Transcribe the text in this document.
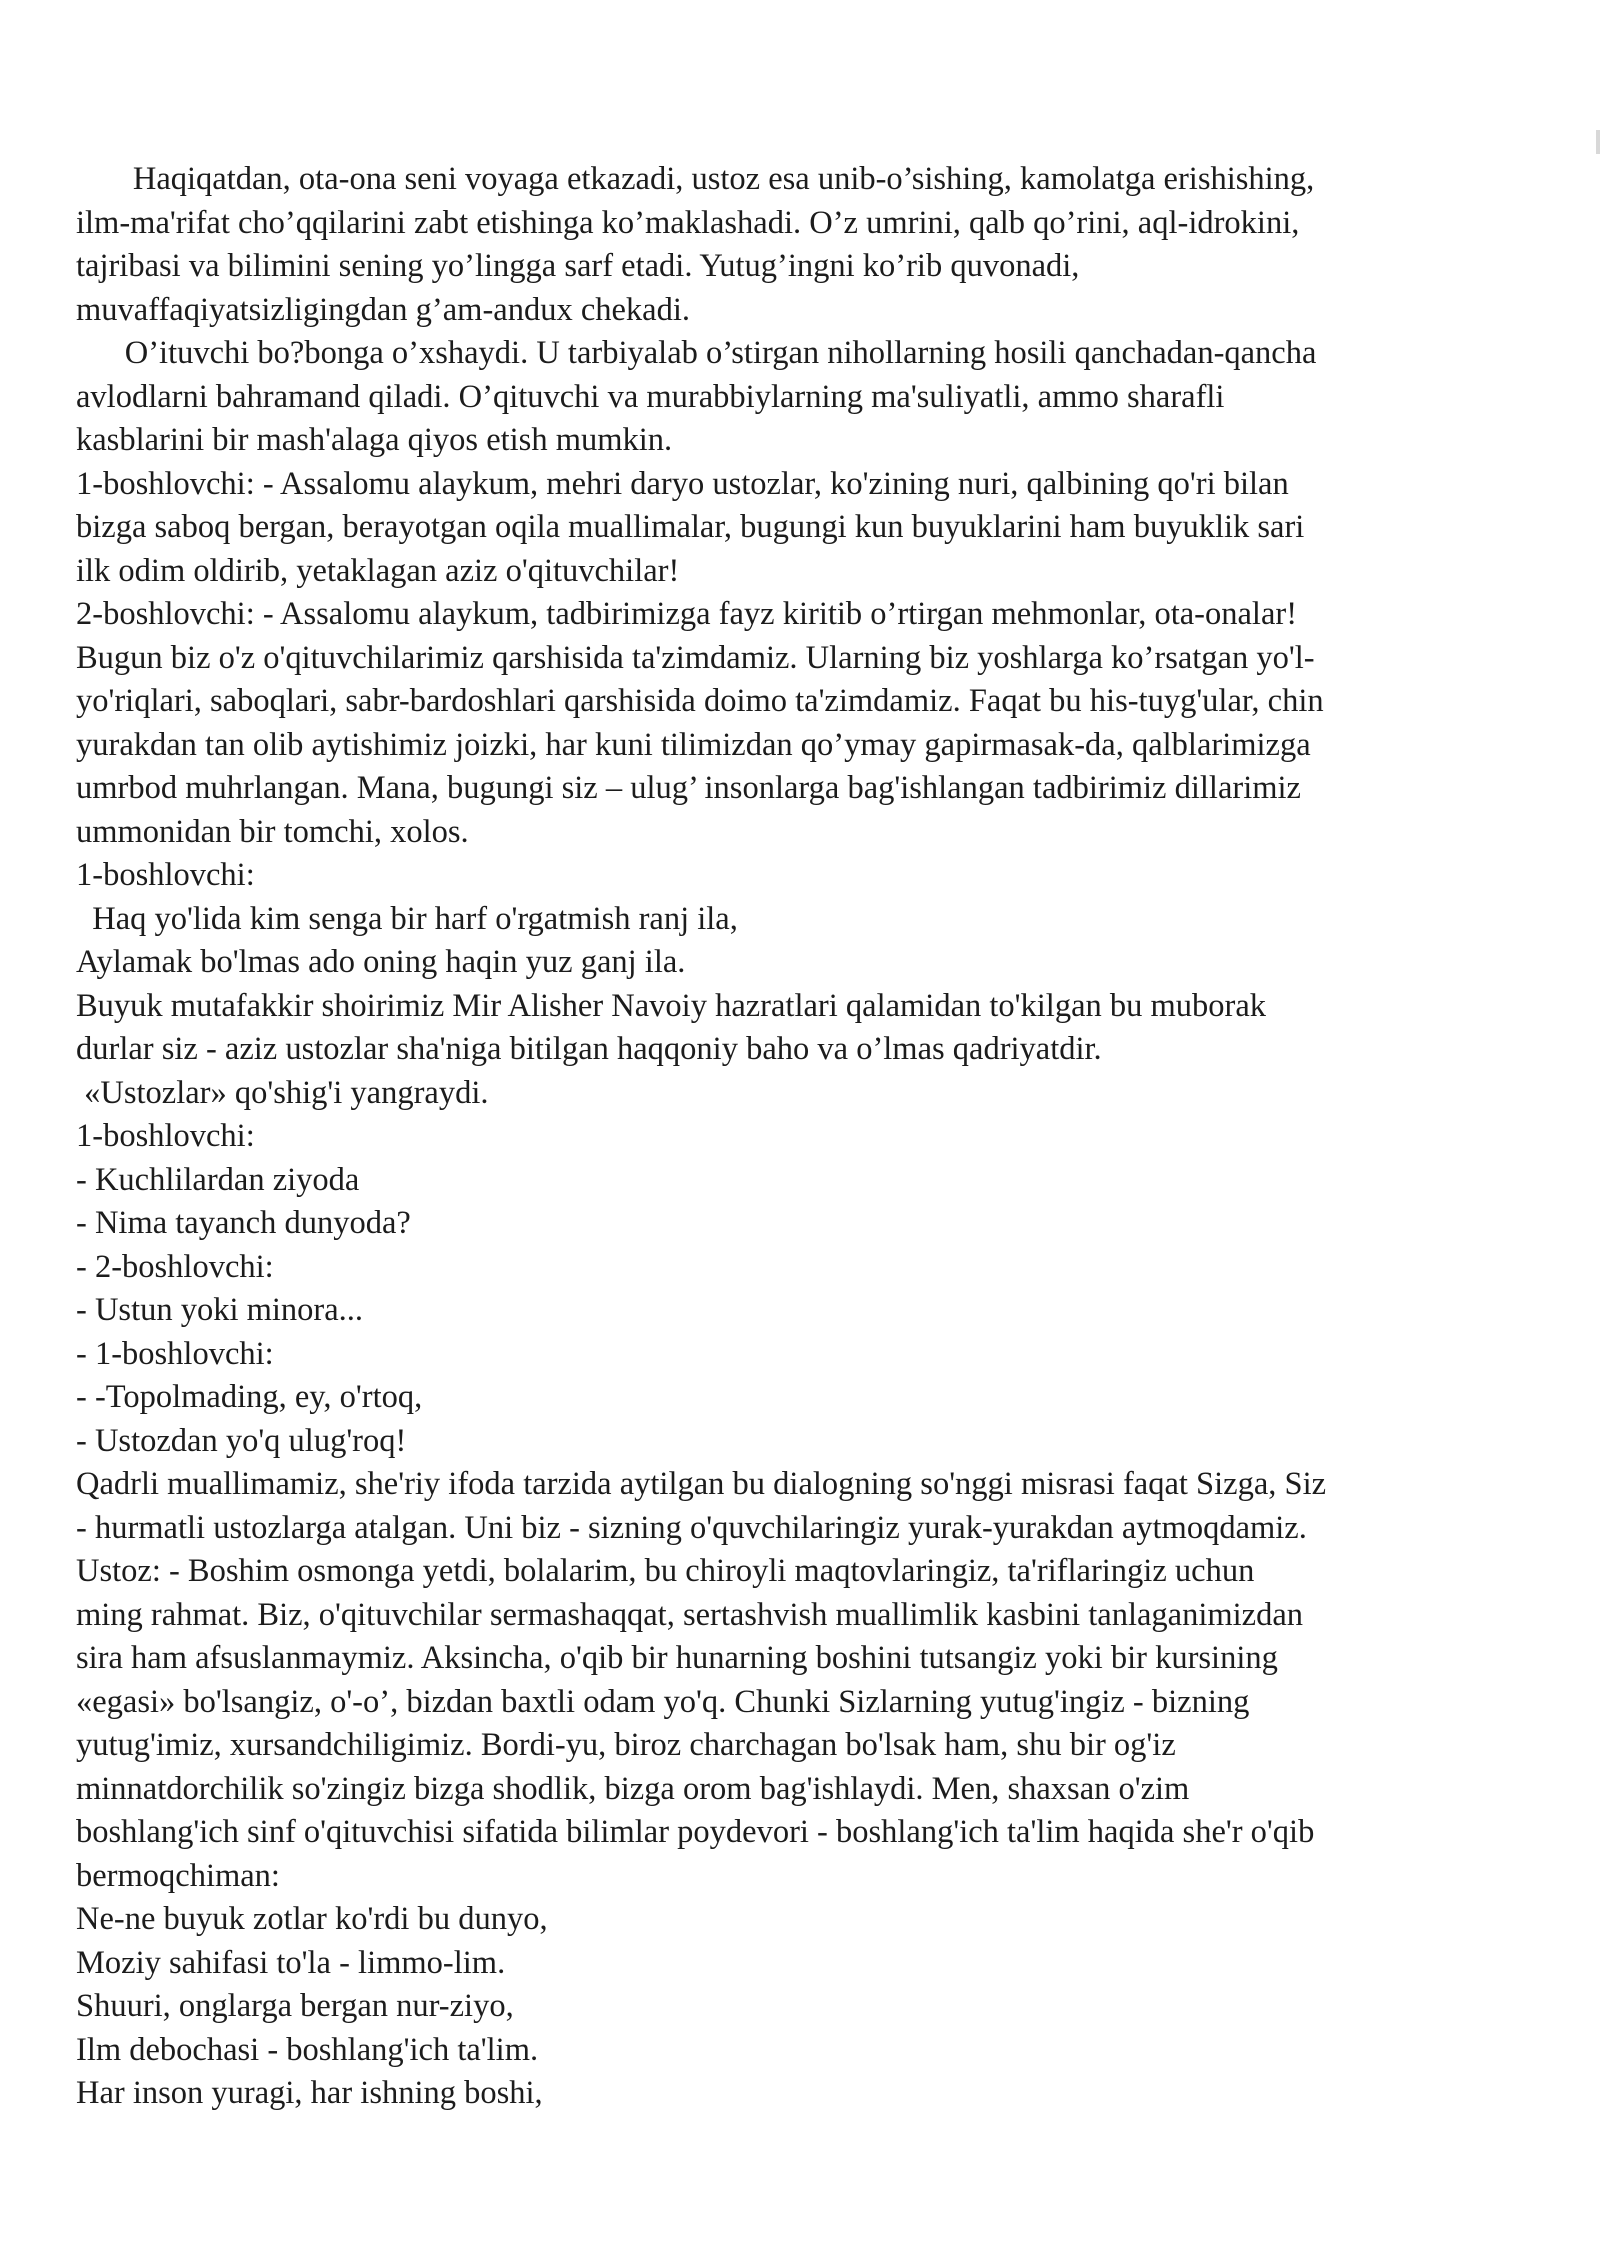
Haqiqatdan, ota-ona seni voyaga etkazadi, ustoz esa unib-o’sishing, kamolatga erishishing,
ilm-ma'rifat cho’qqilarini zabt etishinga ko’maklashadi. O’z umrini, qalb qo’rini, aql-idrokini,
tajribasi va bilimini sening yo’lingga sarf etadi. Yutug’ingni ko’rib quvonadi,
muvaffaqiyatsizligingdan g’am-andux chekadi.
O’ituvchi bo?bonga o’xshaydi. U tarbiyalab o’stirgan nihollarning hosili qanchadan-qancha
avlodlarni bahramand qiladi. O’qituvchi va murabbiylarning ma'suliyatli, ammo sharafli
kasblarini bir mash'alaga qiyos etish mumkin.
1-boshlovchi: - Assalomu alaykum, mehri daryo ustozlar, ko'zining nuri, qalbining qo'ri bilan
bizga saboq bergan, berayotgan oqila muallimalar, bugungi kun buyuklarini ham buyuklik sari
ilk odim oldirib, yetaklagan aziz o'qituvchilar!
2-boshlovchi: - Assalomu alaykum, tadbirimizga fayz kiritib o’rtirgan mehmonlar, ota-onalar!
Bugun biz o'z o'qituvchilarimiz qarshisida ta'zimdamiz. Ularning biz yoshlarga ko’rsatgan yo'l-
yo'riqlari, saboqlari, sabr-bardoshlari qarshisida doimo ta'zimdamiz. Faqat bu his-tuyg'ular, chin
yurakdan tan olib aytishimiz joizki, har kuni tilimizdan qo’ymay gapirmasak-da, qalblarimizga
umrbod muhrlangan. Mana, bugungi siz – ulug’ insonlarga bag'ishlangan tadbirimiz dillarimiz
ummonidan bir tomchi, xolos.
1-boshlovchi:
Haq yo'lida kim senga bir harf o'rgatmish ranj ila,
Aylamak bo'lmas ado oning haqin yuz ganj ila.
Buyuk mutafakkir shoirimiz Mir Alisher Navoiy hazratlari qalamidan to'kilgan bu muborak
durlar siz - aziz ustozlar sha'niga bitilgan haqqoniy baho va o’lmas qadriyatdir.
«Ustozlar» qo'shig'i yangraydi.
1-boshlovchi:
- Kuchlilardan ziyoda
- Nima tayanch dunyoda?
- 2-boshlovchi:
- Ustun yoki minora...
- 1-boshlovchi:
- -Topolmading, ey, o'rtoq,
- Ustozdan yo'q ulug'roq!
Qadrli muallimamiz, she'riy ifoda tarzida aytilgan bu dialogning so'nggi misrasi faqat Sizga, Siz
- hurmatli ustozlarga atalgan. Uni biz - sizning o'quvchilaringiz yurak-yurakdan aytmoqdamiz.
Ustoz: - Boshim osmonga yetdi, bolalarim, bu chiroyli maqtovlaringiz, ta'riflaringiz uchun
ming rahmat. Biz, o'qituvchilar sermashaqqat, sertashvish muallimlik kasbini tanlaganimizdan
sira ham afsuslanmaymiz. Aksincha, o'qib bir hunarning boshini tutsangiz yoki bir kursining
«egasi» bo'lsangiz, o'-o’, bizdan baxtli odam yo'q. Chunki Sizlarning yutug'ingiz - bizning
yutug'imiz, xursandchiligimiz. Bordi-yu, biroz charchagan bo'lsak ham, shu bir og'iz
minnatdorchilik so'zingiz bizga shodlik, bizga orom bag'ishlaydi. Men, shaxsan o'zim
boshlang'ich sinf o'qituvchisi sifatida bilimlar poydevori - boshlang'ich ta'lim haqida she'r o'qib
bermoqchiman:
Ne-ne buyuk zotlar ko'rdi bu dunyo,
Moziy sahifasi to'la - limmo-lim.
Shuuri, onglarga bergan nur-ziyo,
Ilm debochasi - boshlang'ich ta'lim.
Har inson yuragi, har ishning boshi,
